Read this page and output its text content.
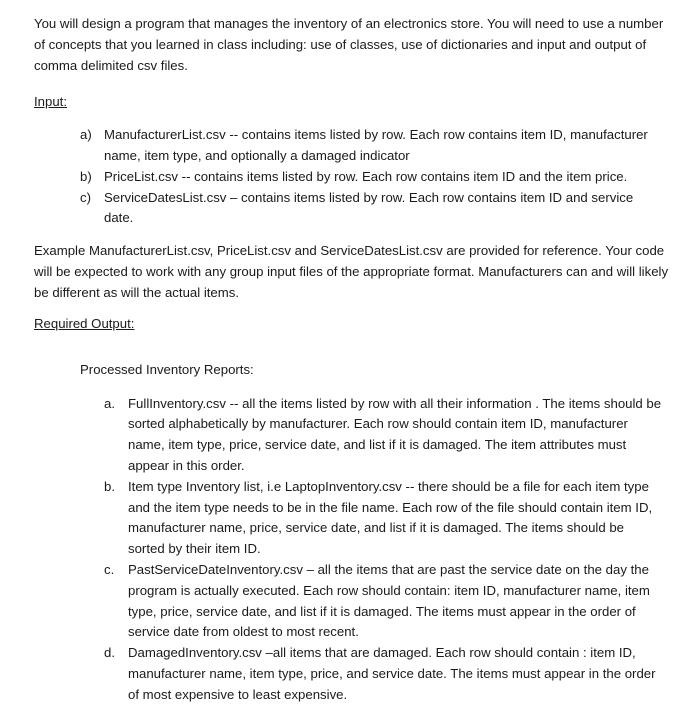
You will design a program that manages the inventory of an electronics store. You will need to use a number of concepts that you learned in class including: use of classes, use of dictionaries and input and output of comma delimited csv files.

Input:

a) ManufacturerList.csv -- contains items listed by row. Each row contains item ID, manufacturer name, item type, and optionally a damaged indicator
b) PriceList.csv -- contains items listed by row. Each row contains item ID and the item price.
c) ServiceDatesList.csv – contains items listed by row. Each row contains item ID and service date.

Example ManufacturerList.csv, PriceList.csv and ServiceDatesList.csv are provided for reference. Your code will be expected to work with any group input files of the appropriate format. Manufacturers can and will likely be different as will the actual items.

Required Output:

Processed Inventory Reports:

a. FullInventory.csv -- all the items listed by row with all their information . The items should be sorted alphabetically by manufacturer. Each row should contain item ID, manufacturer name, item type, price, service date, and list if it is damaged. The item attributes must appear in this order.
b. Item type Inventory list, i.e LaptopInventory.csv -- there should be a file for each item type and the item type needs to be in the file name. Each row of the file should contain item ID, manufacturer name, price, service date, and list if it is damaged. The items should be sorted by their item ID.
c. PastServiceDateInventory.csv – all the items that are past the service date on the day the program is actually executed. Each row should contain: item ID, manufacturer name, item type, price, service date, and list if it is damaged. The items must appear in the order of service date from oldest to most recent.
d. DamagedInventory.csv –all items that are damaged. Each row should contain : item ID, manufacturer name, item type, price, and service date. The items must appear in the order of most expensive to least expensive.
